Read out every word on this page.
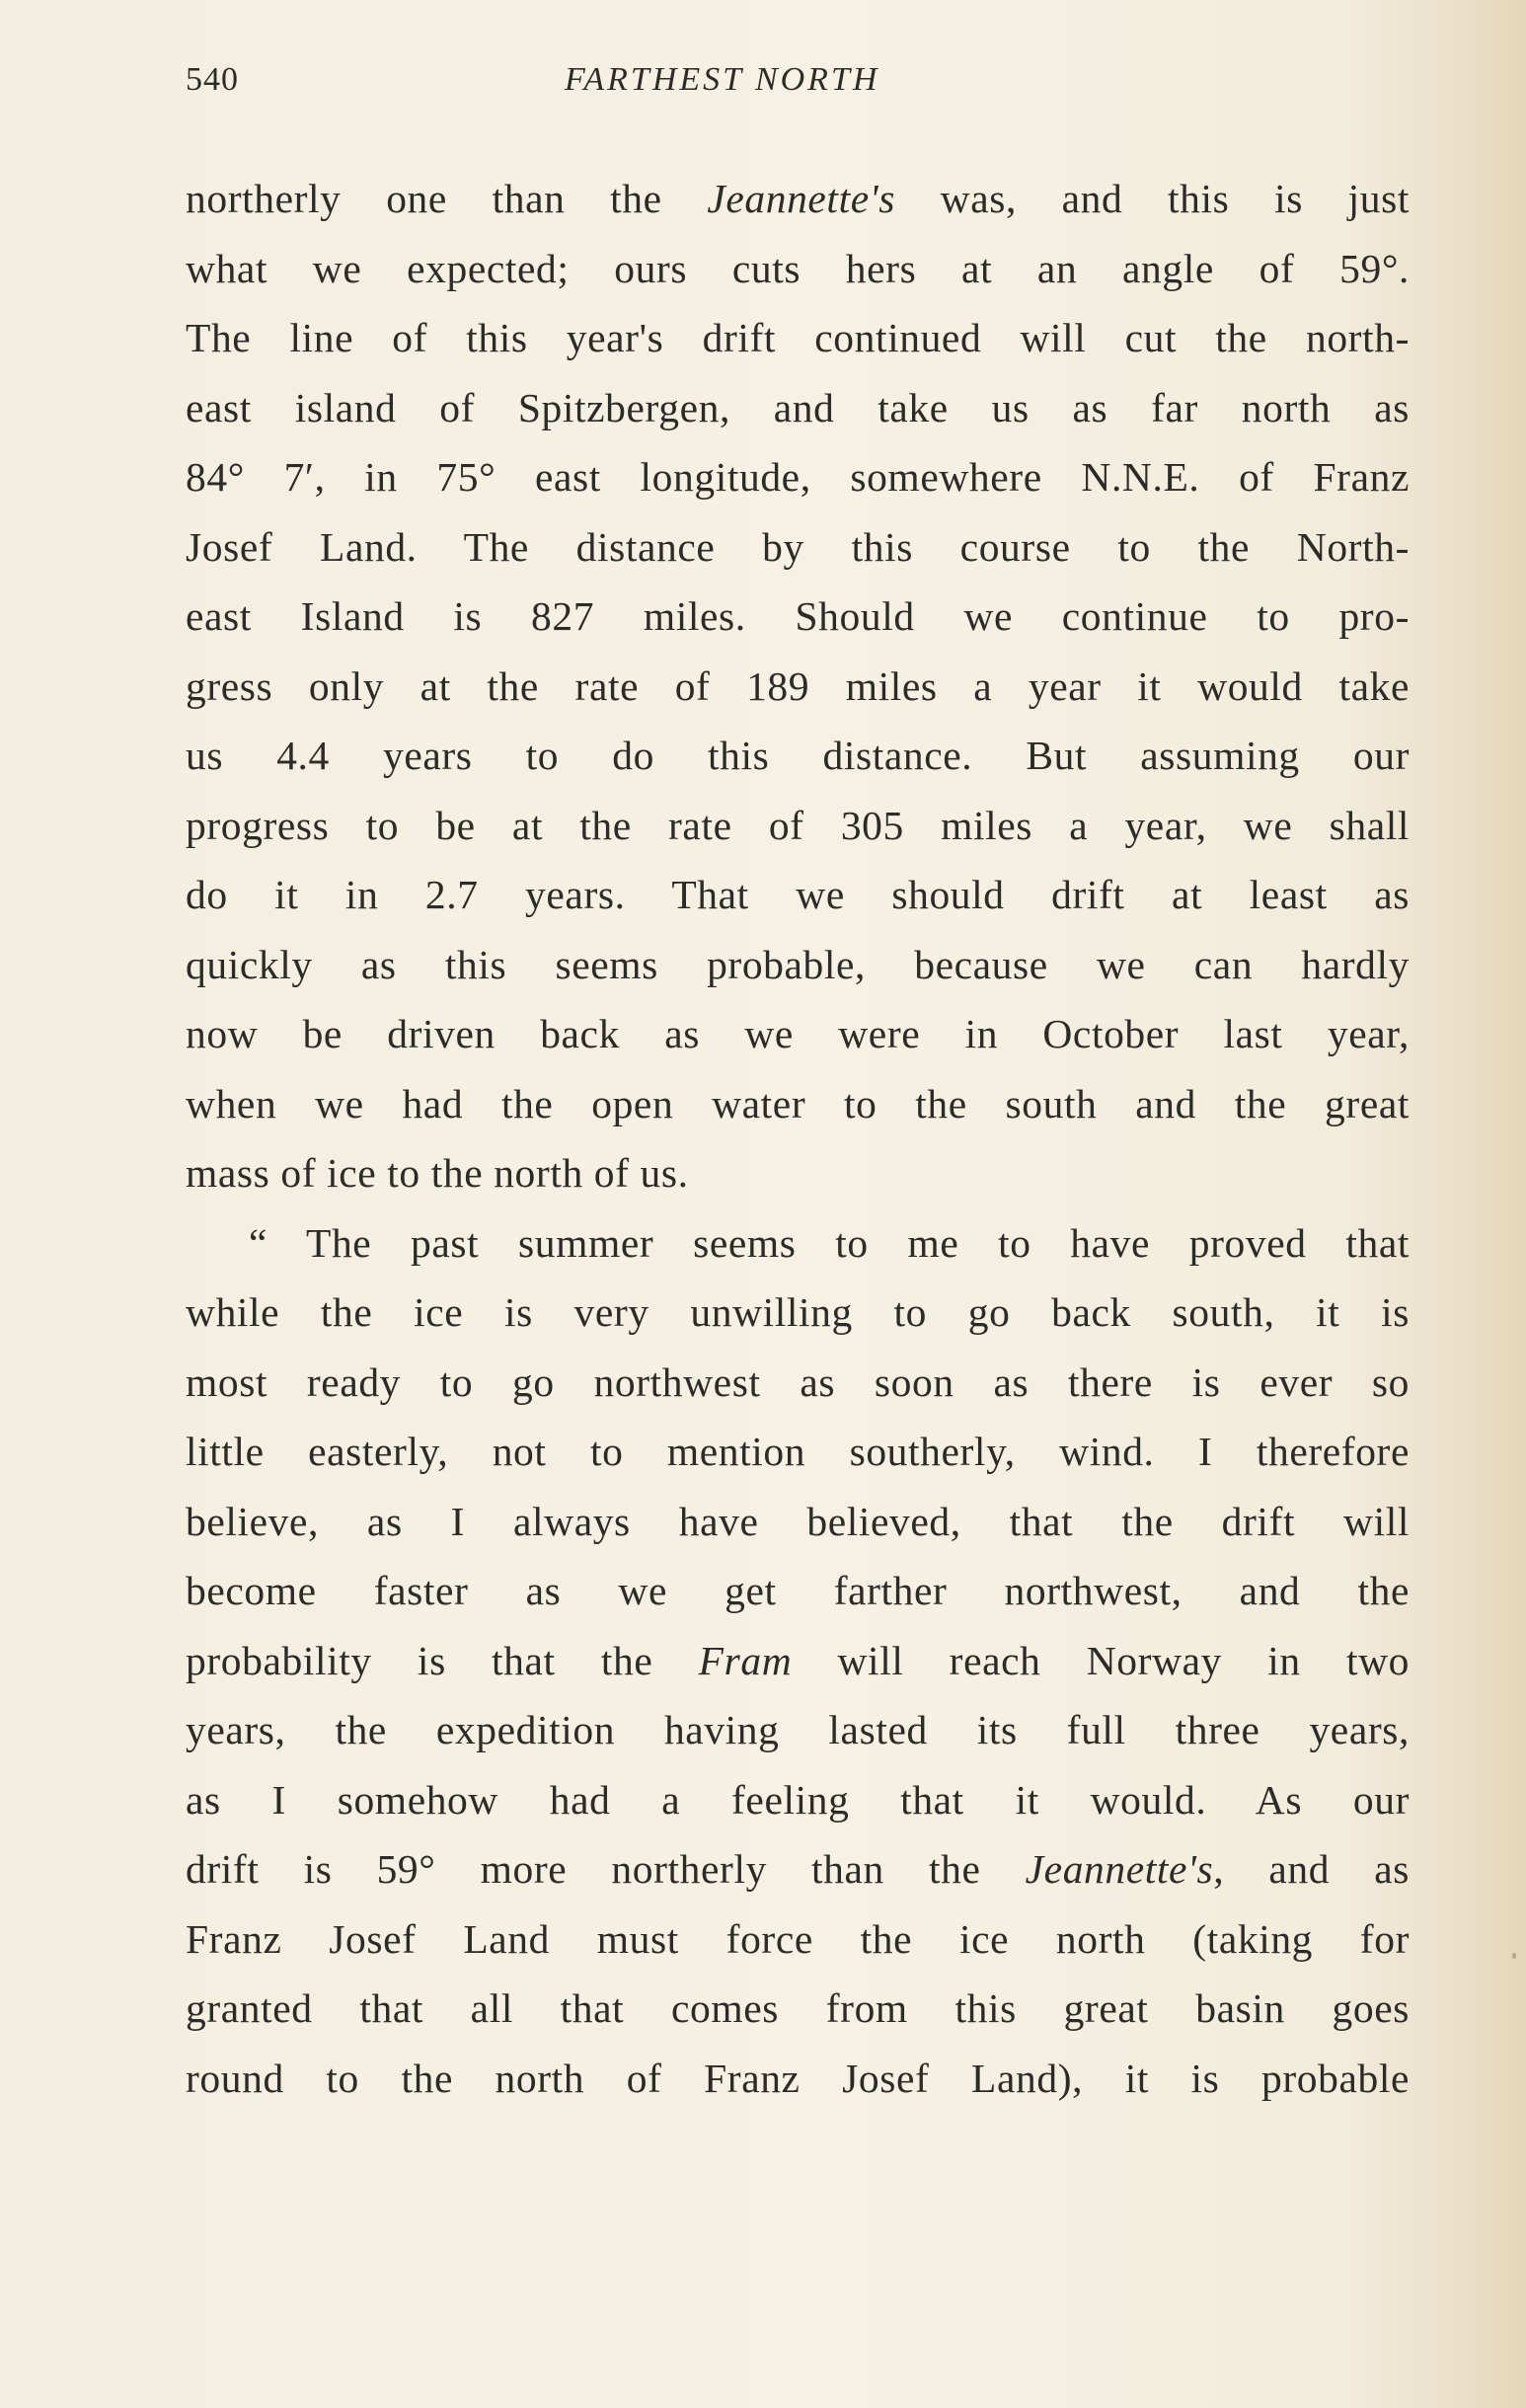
540	FARTHEST NORTH
northerly one than the Jeannette's was, and this is just
what we expected; ours cuts hers at an angle of 59°.
The line of this year's drift continued will cut the north-
east island of Spitzbergen, and take us as far north as
84° 7′, in 75° east longitude, somewhere N.N.E. of Franz
Josef Land. The distance by this course to the North-
east Island is 827 miles. Should we continue to pro-
gress only at the rate of 189 miles a year it would take
us 4.4 years to do this distance. But assuming our
progress to be at the rate of 305 miles a year, we shall
do it in 2.7 years. That we should drift at least as
quickly as this seems probable, because we can hardly
now be driven back as we were in October last year,
when we had the open water to the south and the great
mass of ice to the north of us.
“ The past summer seems to me to have proved that
while the ice is very unwilling to go back south, it is
most ready to go northwest as soon as there is ever so
little easterly, not to mention southerly, wind. I therefore
believe, as I always have believed, that the drift will
become faster as we get farther northwest, and the
probability is that the Fram will reach Norway in two
years, the expedition having lasted its full three years,
as I somehow had a feeling that it would. As our
drift is 59° more northerly than the Jeannette's, and as
Franz Josef Land must force the ice north (taking for
granted that all that comes from this great basin goes
round to the north of Franz Josef Land), it is probable
